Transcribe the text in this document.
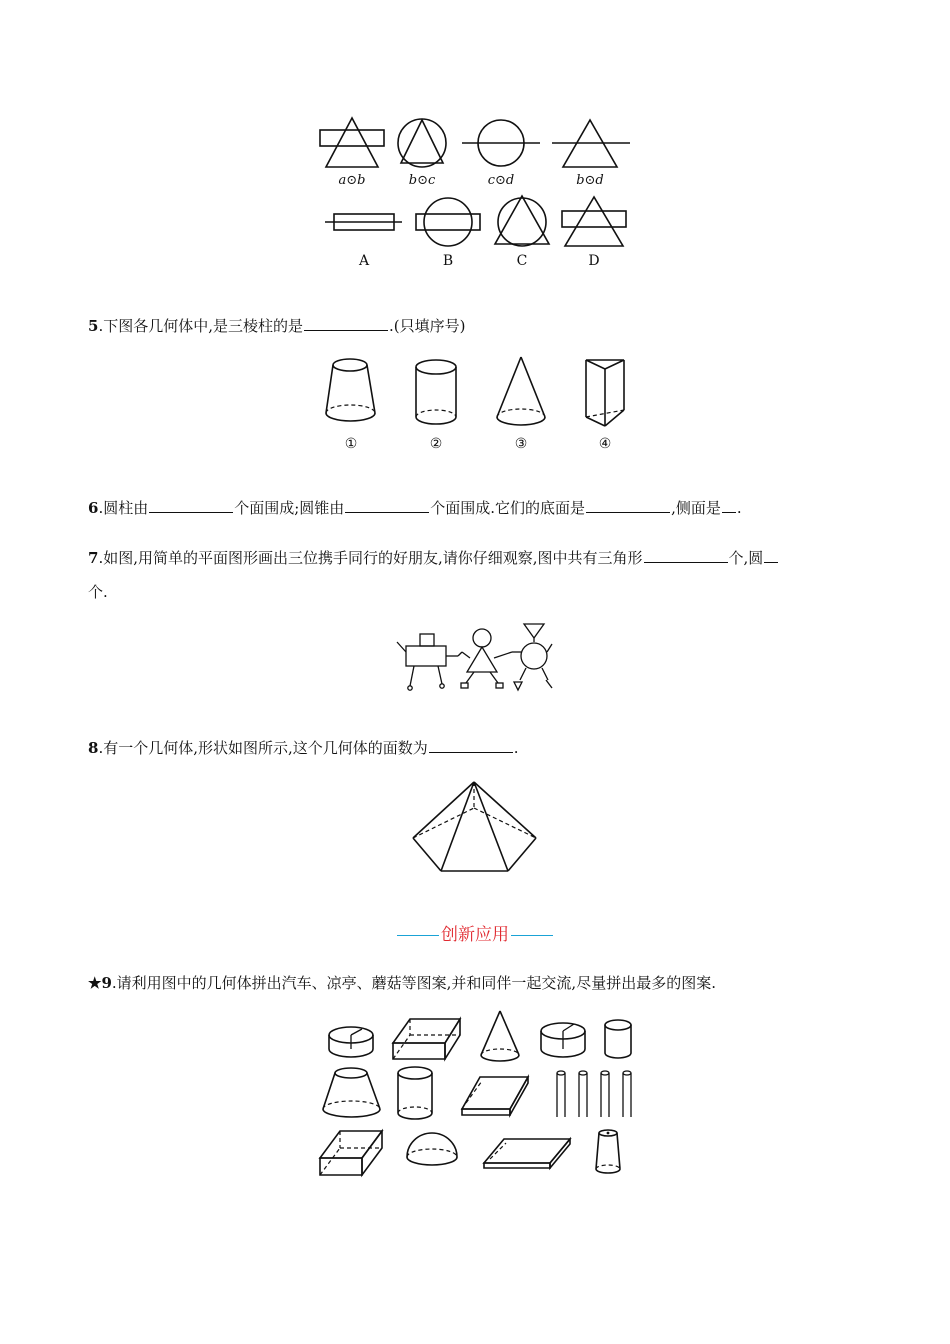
a⊙b	b⊙c	c⊙d	b⊙d
A	B	C	D
5.下图各几何体中,是三棱柱的是	.(只填序号)
①	②	③	④
6.圆柱由	个面围成;圆锥由	个面围成.它们的底面是	,侧面是 .
7.如图,用简单的平面图形画出三位携手同行的好朋友,请你仔细观察,图中共有三角形	个,圆
个.
8.有一个几何体,形状如图所示,这个几何体的面数为	.
创新应用
★9.请利用图中的几何体拼出汽车、凉亭、蘑菇等图案,并和同伴一起交流,尽量拼出最多的图案.
